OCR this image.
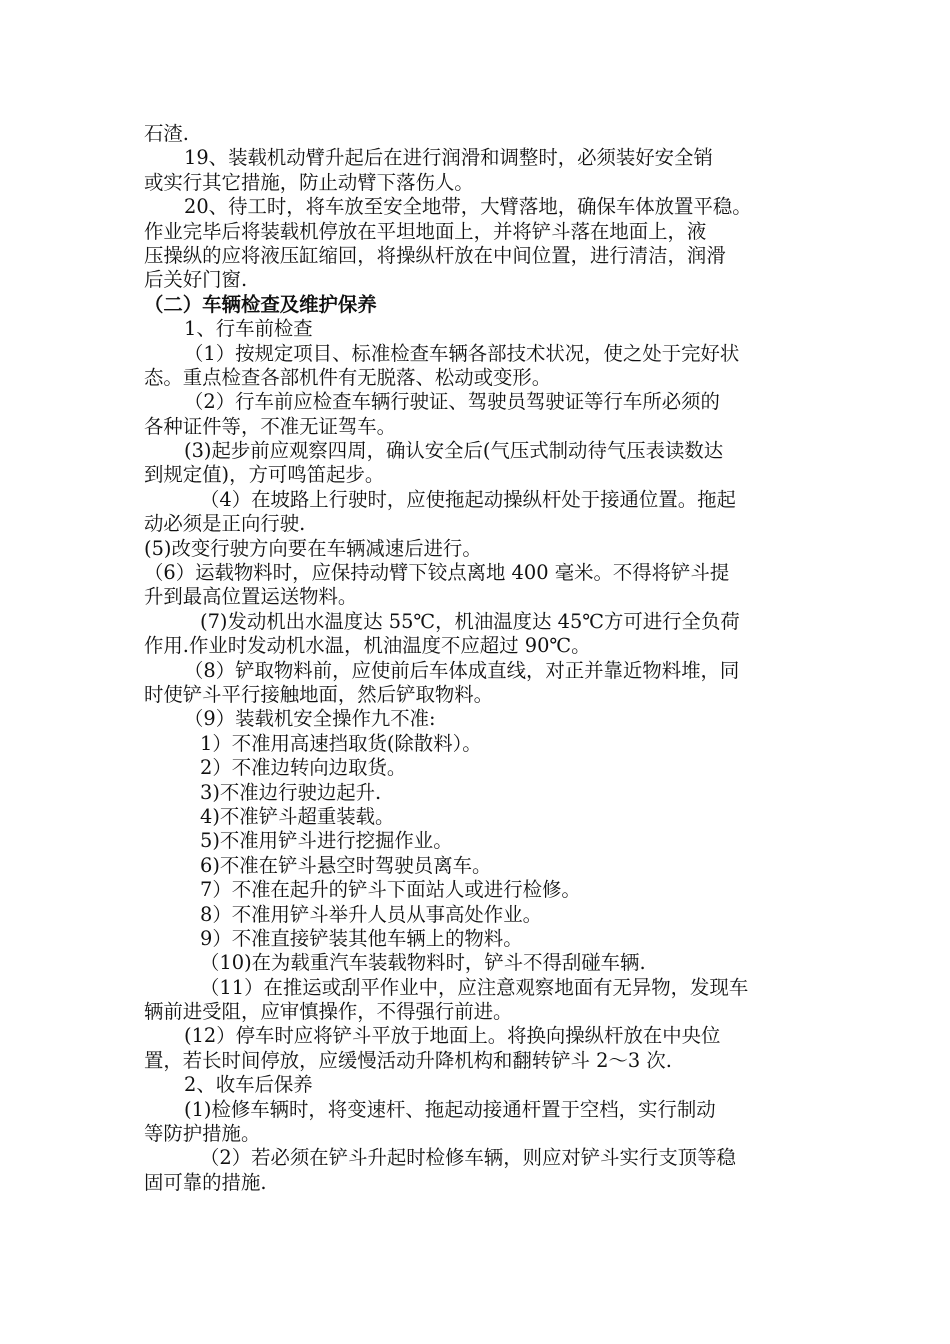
石渣.
19、装载机动臂升起后在进行润滑和调整时，必须装好安全销
或实行其它措施，防止动臂下落伤人。
20、待工时，将车放至安全地带，大臂落地，确保车体放置平稳。
作业完毕后将装载机停放在平坦地面上，并将铲斗落在地面上，液
压操纵的应将液压缸缩回，将操纵杆放在中间位置，进行清洁，润滑
后关好门窗.
（二）车辆检查及维护保养
1、行车前检查
（1）按规定项目、标准检查车辆各部技术状况，使之处于完好状
态。重点检查各部机件有无脱落、松动或变形。
（2）行车前应检查车辆行驶证、驾驶员驾驶证等行车所必须的
各种证件等，不准无证驾车。
(3)起步前应观察四周，确认安全后(气压式制动待气压表读数达
到规定值)，方可鸣笛起步。
（4）在坡路上行驶时，应使拖起动操纵杆处于接通位置。拖起
动必须是正向行驶.
(5)改变行驶方向要在车辆减速后进行。
（6）运载物料时，应保持动臂下铰点离地 400 毫米。不得将铲斗提
升到最高位置运送物料。
(7)发动机出水温度达 55℃，机油温度达 45℃方可进行全负荷
作用.作业时发动机水温，机油温度不应超过 90℃。
（8）铲取物料前，应使前后车体成直线，对正并靠近物料堆，同
时使铲斗平行接触地面，然后铲取物料。
（9）装载机安全操作九不准:
1）不准用高速挡取货(除散料）。
2）不准边转向边取货。
3)不准边行驶边起升.
4)不准铲斗超重装载。
5)不准用铲斗进行挖掘作业。
6)不准在铲斗悬空时驾驶员离车。
7）不准在起升的铲斗下面站人或进行检修。
8）不准用铲斗举升人员从事高处作业。
9）不准直接铲装其他车辆上的物料。
（10)在为载重汽车装载物料时，铲斗不得刮碰车辆.
（11）在推运或刮平作业中，应注意观察地面有无异物，发现车
辆前进受阻，应审慎操作，不得强行前进。
(12）停车时应将铲斗平放于地面上。将换向操纵杆放在中央位
置，若长时间停放，应缓慢活动升降机构和翻转铲斗 2～3 次.
2、收车后保养
(1)检修车辆时，将变速杆、拖起动接通杆置于空档，实行制动
等防护措施。
（2）若必须在铲斗升起时检修车辆，则应对铲斗实行支顶等稳
固可靠的措施.
